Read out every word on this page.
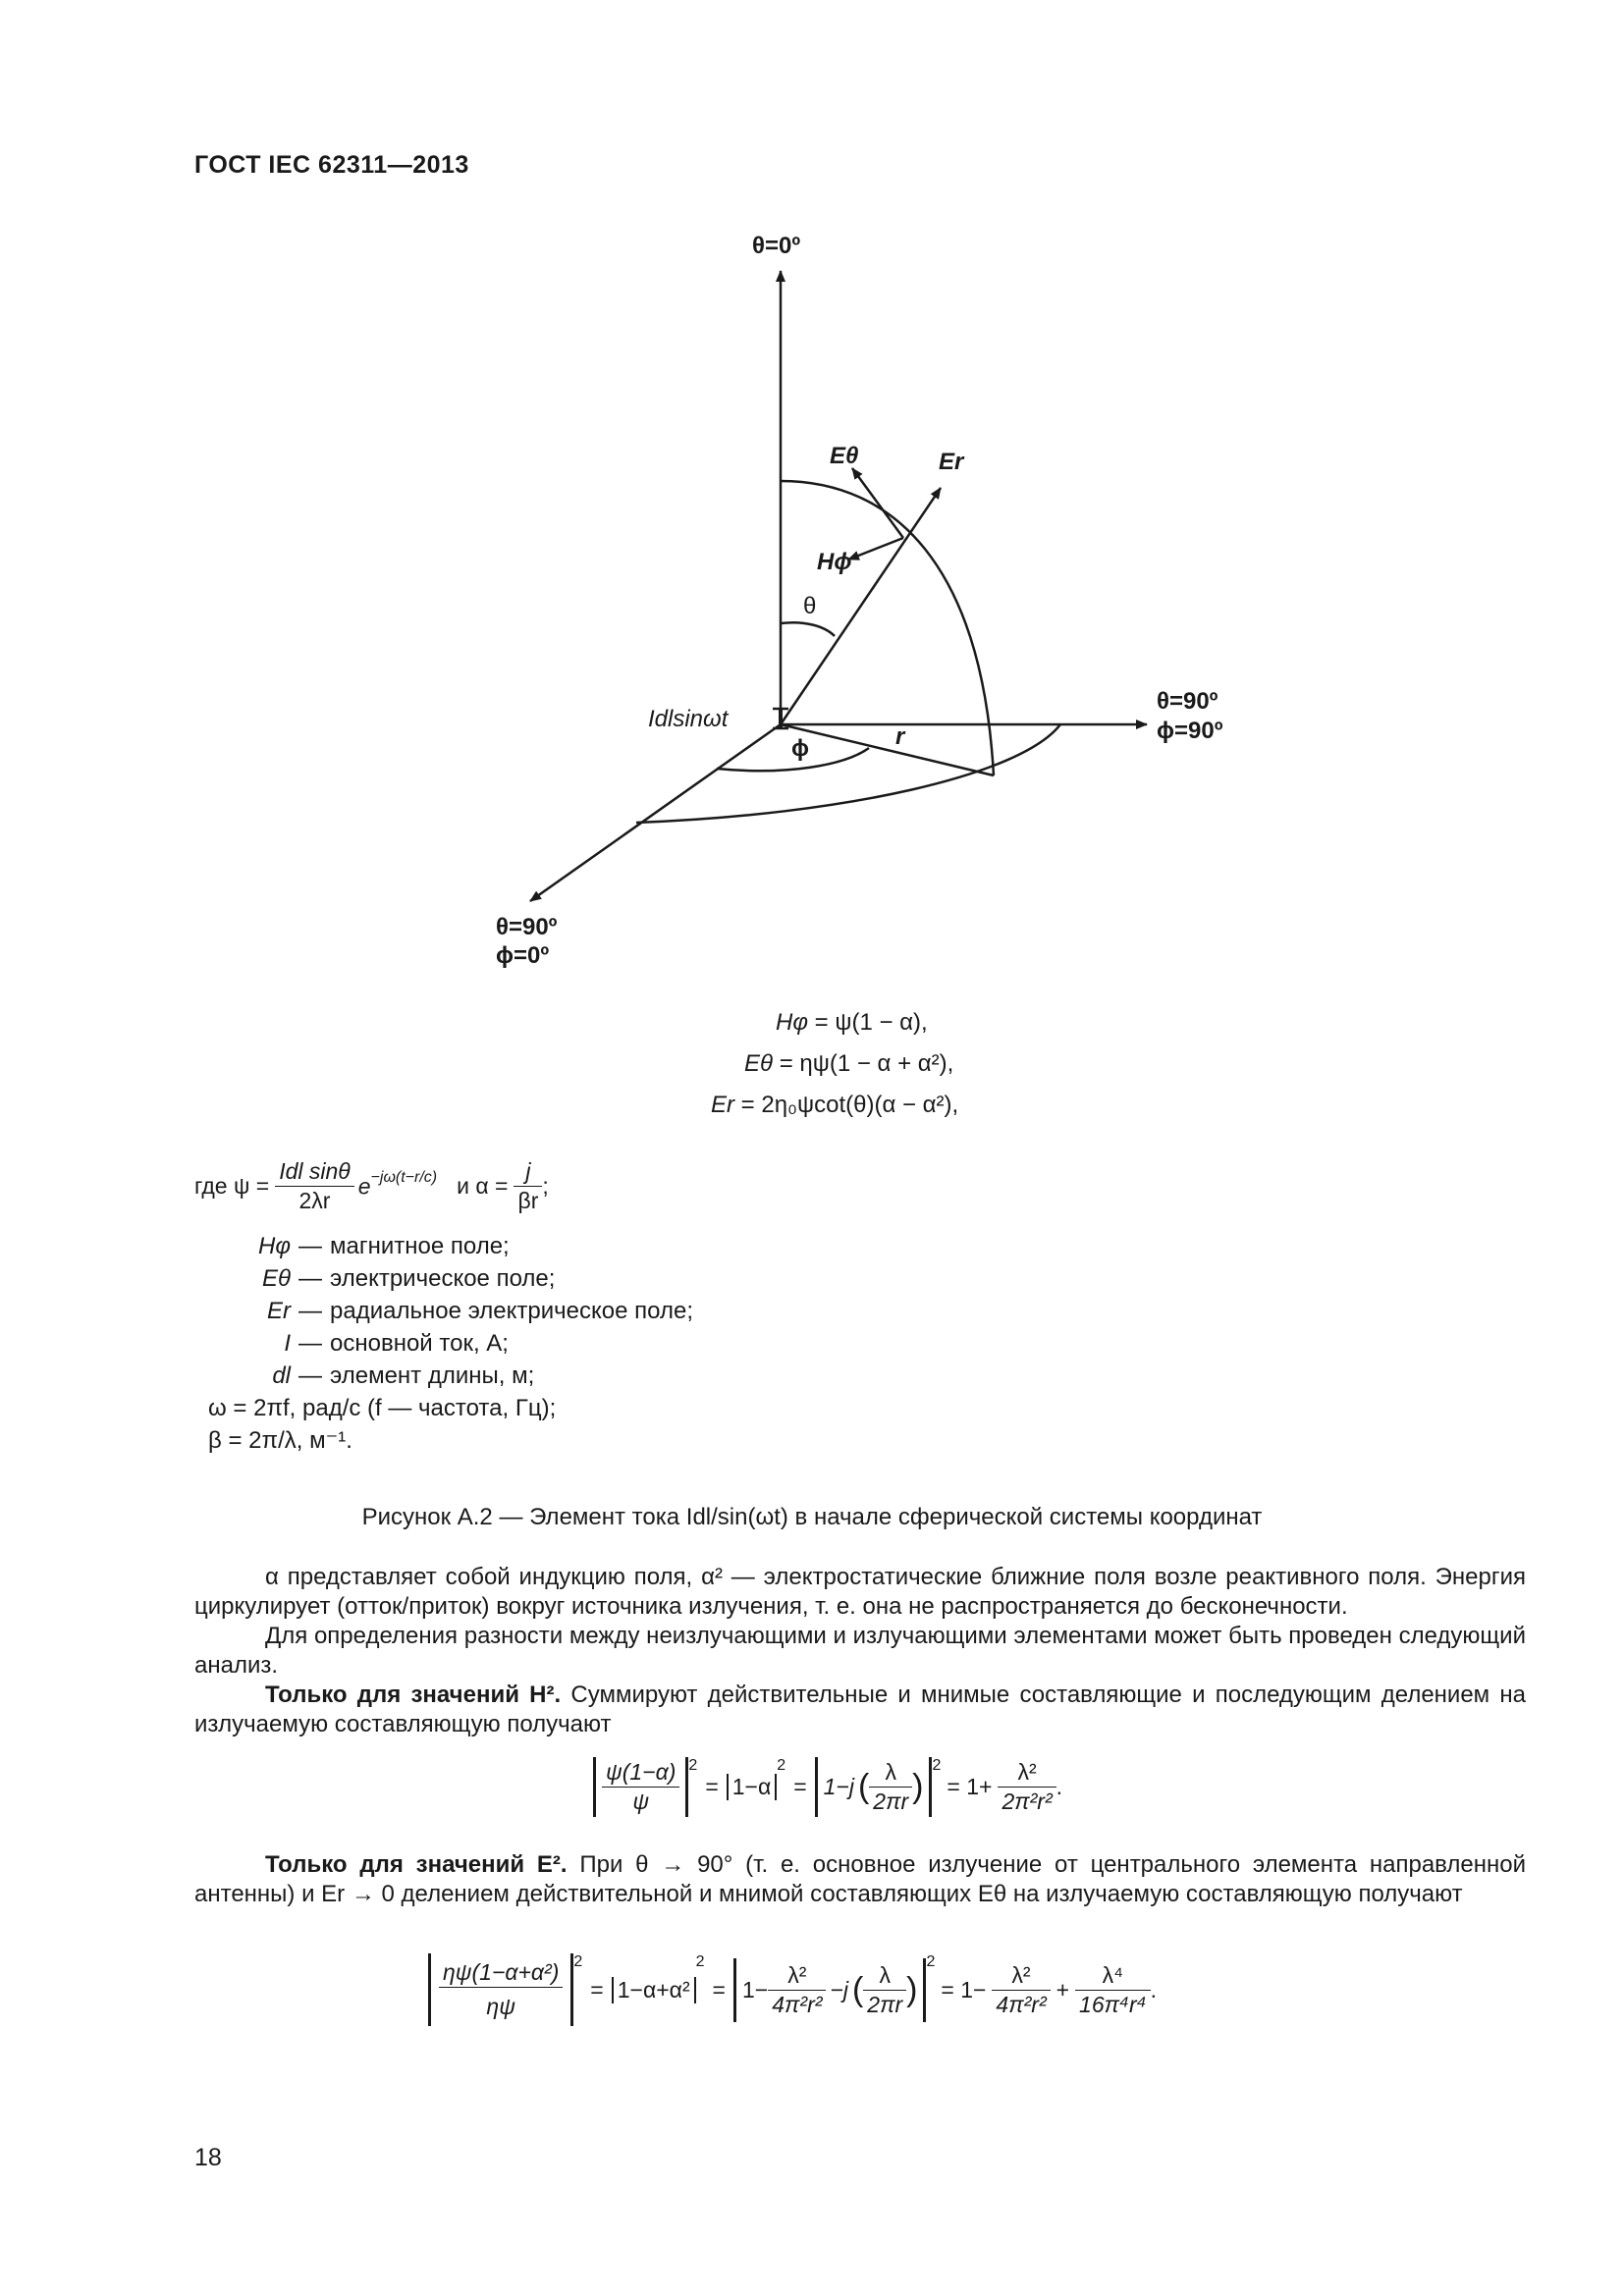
ГОСТ IEC 62311—2013
θ=0º
Eθ	Er
Hϕ
θ
Idlsinωt
r
ϕ
θ=90º
ϕ=90º
θ=90º
ϕ=0º
Hφ = ψ(1 − α),
Eθ = ηψ(1 − α + α²),
Er = 2η₀ψcot(θ)(α − α²),
где $\psi = \frac{\text{Idl sinθ}}{2\lambda r} e^{-j\omega(t-r/c)}$ и $\alpha = \frac{j}{\beta r}$ ;
Hφ — магнитное поле;
Eθ — электрическое поле;
Er — радиальное электрическое поле;
I — основной ток, А;
dl — элемент длины, м;
ω = 2πf, рад/с (f — частота, Гц);
β = 2π/λ, м⁻¹.
Рисунок А.2 — Элемент тока Idl/sin(ωt) в начале сферической системы координат
α представляет собой индукцию поля, α² — электростатические ближние поля возле реактивного поля. Энергия циркулирует (отток/приток) вокруг источника излучения, т. е. она не распространяется до бесконечности.
Для определения разности между неизлучающими и излучающими элементами может быть проведен следующий анализ.
Только для значений H². Суммируют действительные и мнимые составляющие и последующим делением на излучаемую составляющую получают
$\frac{\psi(1-\alpha)}{\psi} ^2$
= 1−α
$^2$
= 1−j ( $\frac{\lambda}{2\pi r}$ )
$^2$
= $1+ \frac{\text{λ²}}{\text{2π²r²}}$ .
Только для значений E². При θ → 90° (т. е. основное излучение от центрального элемента направленной антенны) и Er → 0 делением действительной и мнимой составляющих Eθ на излучаемую составляющую получают
$\frac{\text{ηψ(1−α+α²)}}{\eta\psi} ^2$
= 1−α+α²
2
= $1- \frac{\text{λ²}}{\text{4π²r²}} -j$ ( $\frac{\lambda}{2\pi r}$ )
$^2$
= $1- \frac{\text{λ²}}{\text{4π²r²}} + \frac{\text{λ⁴}}{\text{16π⁴r⁴}}$ .
18
